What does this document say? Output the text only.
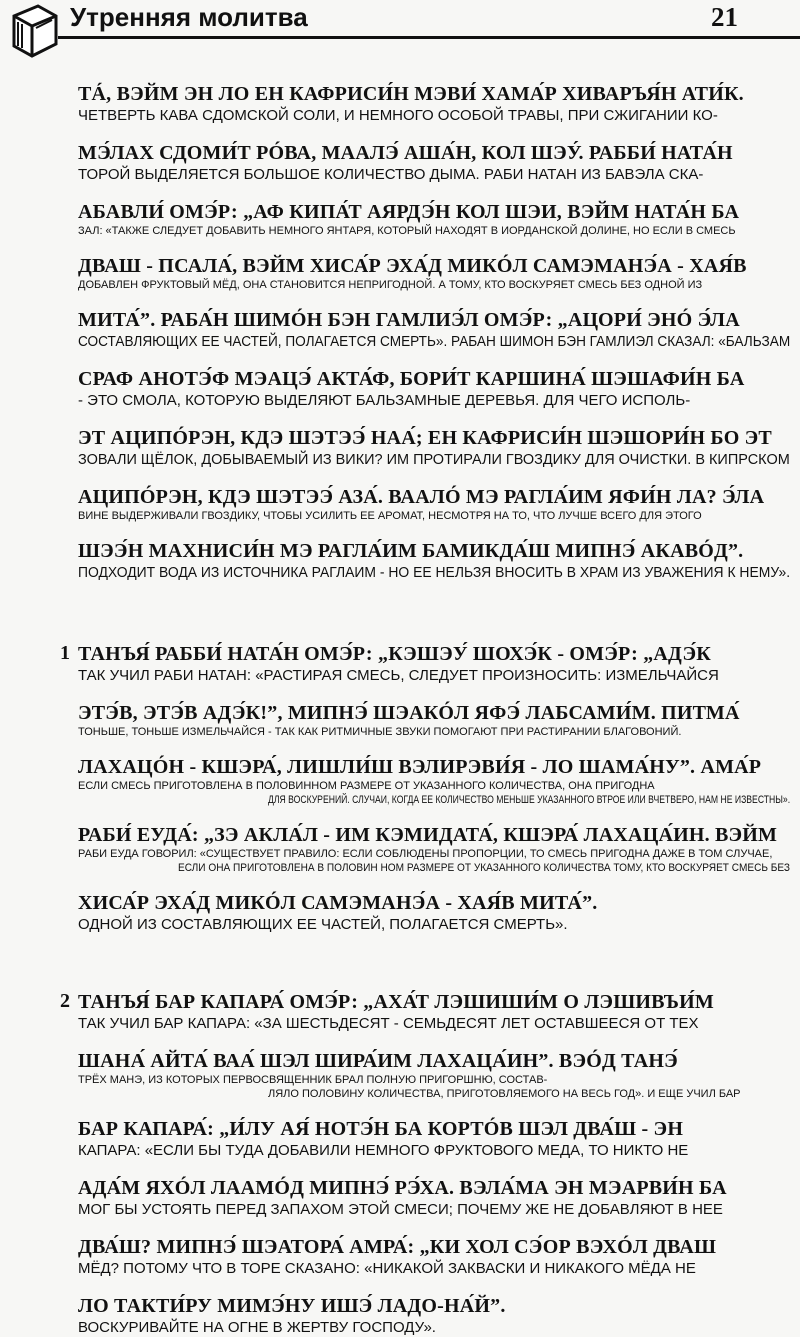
Утренняя молитва	21
ТÁ, ВЭЙМ ЭН ЛО ЕН КАФРИСИ́Н МЭВИ́ ХАМА́Р ХИВАРЪЯ́Н АТИ́К.
ЧЕТВЕРТЬ КАВА СДОМСКОЙ СОЛИ, И НЕМНОГО ОСОБОЙ ТРАВЫ, ПРИ СЖИГАНИИ КО-
МЭ́ЛАХ СДОМИ́Т РÓВА, МААЛЭ́ АША́Н, КОЛ ШЭУ́. РАББИ́ НАТА́Н
ТОРОЙ ВЫДЕЛЯЕТСЯ БОЛЬШОЕ КОЛИЧЕСТВО ДЫМА. РАБИ НАТАН ИЗ БАВЭЛА СКА-
АБАВЛИ́ ОМЭ́Р: „АФ КИПА́Т АЯРДЭ́Н КОЛ ШЭИ, ВЭЙМ НАТА́Н БА
ЗАЛ: «ТАКЖЕ СЛЕДУЕТ ДОБАВИТЬ НЕМНОГО ЯНТАРЯ, КОТОРЫЙ НАХОДЯТ В ИОРДАНСКОЙ ДОЛИНЕ, НО ЕСЛИ В СМЕСЬ
ДВАШ - ПСАЛА́, ВЭЙМ ХИСА́Р ЭХА́Д МИКÓЛ САМЭМАНЭ́А - ХАЯ́В
ДОБАВЛЕН ФРУКТОВЫЙ МЁД, ОНА СТАНОВИТСЯ НЕПРИГОДНОЙ. А ТОМУ, КТО ВОСКУРЯЕТ СМЕСЬ БЕЗ ОДНОЙ ИЗ
МИТА́”. РАБА́Н ШИМÓН БЭН ГАМЛИЭ́Л ОМЭ́Р: „АЦОРИ́ ЭНÓ Э́ЛА
СОСТАВЛЯЮЩИХ ЕЕ ЧАСТЕЙ, ПОЛАГАЕТСЯ СМЕРТЬ». РАБАН ШИМОН БЭН ГАМЛИЭЛ СКАЗАЛ: «БАЛЬЗАМ
СРАФ АНОТЭ́Ф МЭАЦЭ́ АКТА́Ф, БОРИ́Т КАРШИНА́ ШЭШАФИ́Н БА
- ЭТО СМОЛА, КОТОРУЮ ВЫДЕЛЯЮТ БАЛЬЗАМНЫЕ ДЕРЕВЬЯ. ДЛЯ ЧЕГО ИСПОЛЬ-
ЭТ АЦИПÓРЭН, КДЭ ШЭТЭЭ́ НАА́; ЕН КАФРИСИ́Н ШЭШОРИ́Н БО ЭТ
ЗОВАЛИ ЩЁЛОК, ДОБЫВАЕМЫЙ ИЗ ВИКИ? ИМ ПРОТИРАЛИ ГВОЗДИКУ ДЛЯ ОЧИСТКИ. В КИПРСКОМ
АЦИПÓРЭН, КДЭ ШЭТЭЭ́ АЗА́. ВААЛÓ МЭ РАГЛА́ИМ ЯФИ́Н ЛА? Э́ЛА
ВИНЕ ВЫДЕРЖИВАЛИ ГВОЗДИКУ, ЧТОБЫ УСИЛИТЬ ЕЕ АРОМАТ, НЕСМОТРЯ НА ТО, ЧТО ЛУЧШЕ ВСЕГО ДЛЯ ЭТОГО
ШЭЭ́Н МАХНИСИ́Н МЭ РАГЛА́ИМ БАМИКДА́Ш МИПНЭ́ АКАВÓД”.
ПОДХОДИТ ВОДА ИЗ ИСТОЧНИКА РАГЛАИМ - НО ЕЕ НЕЛЬЗЯ ВНОСИТЬ В ХРАМ ИЗ УВАЖЕНИЯ К НЕМУ».
1 ТАНЪЯ́ РАББИ́ НАТА́Н ОМЭ́Р: „КЭШЭУ́ ШОХЭ́К - ОМЭ́Р: „АДЭ́К
ТАК УЧИЛ РАБИ НАТАН: «РАСТИРАЯ СМЕСЬ, СЛЕДУЕТ ПРОИЗНОСИТЬ: ИЗМЕЛЬЧАЙСЯ
ЭТЭ́В, ЭТЭ́В АДЭ́К!”, МИПНЭ́ ШЭАКÓЛ ЯФЭ́ ЛАБСАМИ́М. ПИТМА́
ТОНЬШЕ, ТОНЬШЕ ИЗМЕЛЬЧАЙСЯ - ТАК КАК РИТМИЧНЫЕ ЗВУКИ ПОМОГАЮТ ПРИ РАСТИРАНИИ БЛАГОВОНИЙ.
ЛАХАЦÓН - КШЭРА́, ЛИШЛИ́Ш ВЭЛИРЭВИ́Я - ЛО ШАМА́НУ”. АМА́Р
ЕСЛИ СМЕСЬ ПРИГОТОВЛЕНА В ПОЛОВИННОМ РАЗМЕРЕ ОТ УКАЗАННОГО КОЛИЧЕСТВА, ОНА ПРИГОДНА
ДЛЯ ВОСКУРЕНИЙ. СЛУЧАИ, КОГДА ЕЕ КОЛИЧЕСТВО МЕНЬШЕ УКАЗАННОГО ВТРОЕ ИЛИ ВЧЕТВЕРО, НАМ НЕ ИЗВЕСТНЫ».
РАБИ́ ЕУДА́: „ЗЭ АКЛА́Л - ИМ КЭМИДАТА́, КШЭРА́ ЛАХАЦА́ИН. ВЭЙМ
РАБИ ЕУДА ГОВОРИЛ: «СУЩЕСТВУЕТ ПРАВИЛО: ЕСЛИ СОБЛЮДЕНЫ ПРОПОРЦИИ, ТО СМЕСЬ ПРИГОДНА ДАЖЕ В ТОМ СЛУЧАЕ,
ЕСЛИ ОНА ПРИГОТОВЛЕНА В ПОЛОВИН НОМ РАЗМЕРЕ ОТ УКАЗАННОГО КОЛИЧЕСТВА ТОМУ, КТО ВОСКУРЯЕТ СМЕСЬ БЕЗ
ХИСА́Р ЭХА́Д МИКÓЛ САМЭМАНЭ́А - ХАЯ́В МИТА́”.
ОДНОЙ ИЗ СОСТАВЛЯЮЩИХ ЕЕ ЧАСТЕЙ, ПОЛАГАЕТСЯ СМЕРТЬ».
2 ТАНЪЯ́ БАР КАПАРА́ ОМЭ́Р: „АХА́Т ЛЭШИШИ́М О ЛЭШИВЪИ́М
ТАК УЧИЛ БАР КАПАРА: «ЗА ШЕСТЬДЕСЯТ - СЕМЬДЕСЯТ ЛЕТ ОСТАВШЕЕСЯ ОТ ТЕХ
ШАНА́ АЙТА́ ВАА́ ШЭЛ ШИРА́ИМ ЛАХАЦА́ИН”. ВЭÓД ТАНЭ́
ТРЁХ МАНЭ, ИЗ КОТОРЫХ ПЕРВОСВЯЩЕННИК БРАЛ ПОЛНУЮ ПРИГОРШНЮ, СОСТАВ-
ЛЯЛО ПОЛОВИНУ КОЛИЧЕСТВА, ПРИГОТОВЛЯЕМОГО НА ВЕСЬ ГОД». И ЕЩЕ УЧИЛ БАР
БАР КАПАРА́: „И́ЛУ АЯ́ НОТЭ́Н БА КОРТÓВ ШЭЛ ДВА́Ш - ЭН
КАПАРА: «ЕСЛИ БЫ ТУДА ДОБАВИЛИ НЕМНОГО ФРУКТОВОГО МЕДА, ТО НИКТО НЕ
АДА́М ЯХÓЛ ЛААМÓД МИПНЭ́ РЭ́ХА. ВЭЛА́МА ЭН МЭАРВИ́Н БА
МОГ БЫ УСТОЯТЬ ПЕРЕД ЗАПАХОМ ЭТОЙ СМЕСИ; ПОЧЕМУ ЖЕ НЕ ДОБАВЛЯЮТ В НЕЕ
ДВА́Ш? МИПНЭ́ ШЭАТОРА́ АМРА́: „КИ ХОЛ СЭ́ОР ВЭХÓЛ ДВАШ
МЁД? ПОТОМУ ЧТО В ТОРЕ СКАЗАНО: «НИКАКОЙ ЗАКВАСКИ И НИКАКОГО МЁДА НЕ
ЛО ТАКТИ́РУ МИМЭ́НУ ИШЭ́ ЛАДО-НА́Й”.
ВОСКУРИВАЙТЕ НА ОГНЕ В ЖЕРТВУ ГОСПОДУ».
